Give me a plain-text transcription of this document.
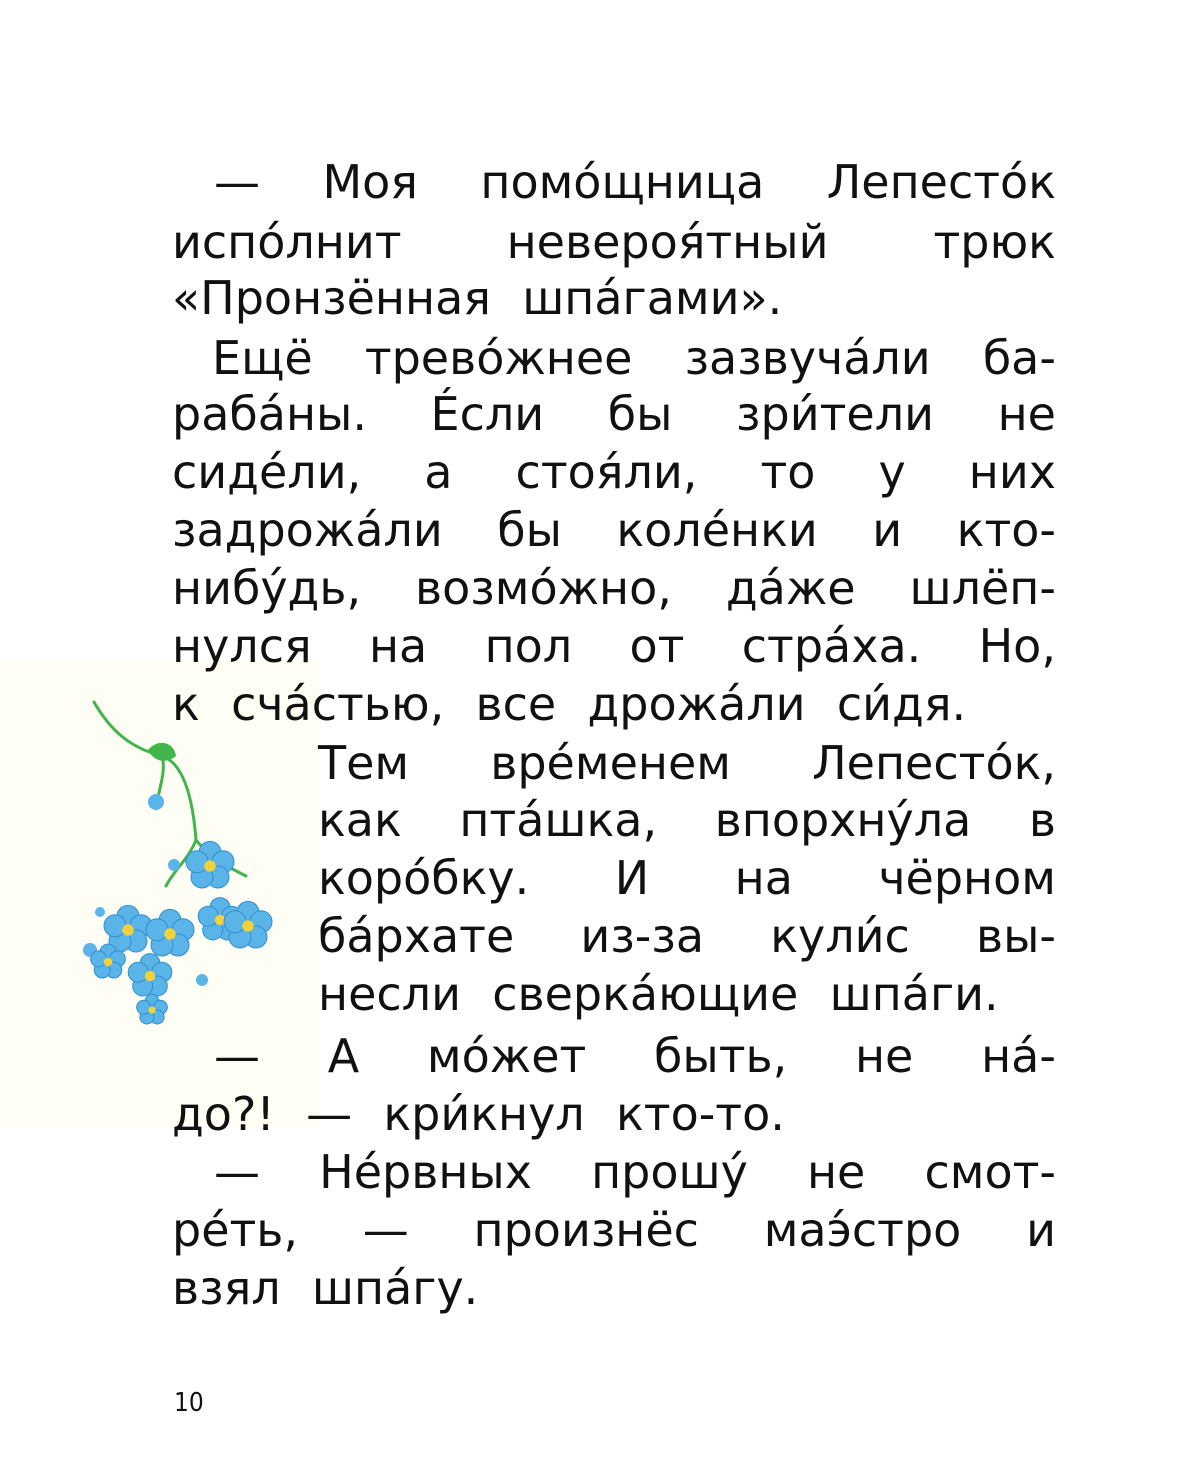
— Моя помóщница Лепестóк
испóлнит невероя́тный трюк
«Пронзённая шпáгами».
Ещё тревóжнее зазвучáли ба-
рабáны. Éсли бы зри́тели не
сидéли, а стоя́ли, то у них
задрожáли бы колéнки и кто-
нибýдь, возмóжно, дáже шлёп-
нулся на пол от стрáха. Но,
к счáстью, все дрожáли си́дя.
Тем врéменем Лепестóк,
как птáшка, впорхнýла в
корóбку. И на чёрном
бáрхате из-за кули́с вы-
несли сверкáющие шпáги.
— А мóжет быть, не нá-
до?! — кри́кнул кто-то.
— Нéрвных прошý не смот-
рéть, — произнёс маэ́стро и
взял шпáгу.
10
